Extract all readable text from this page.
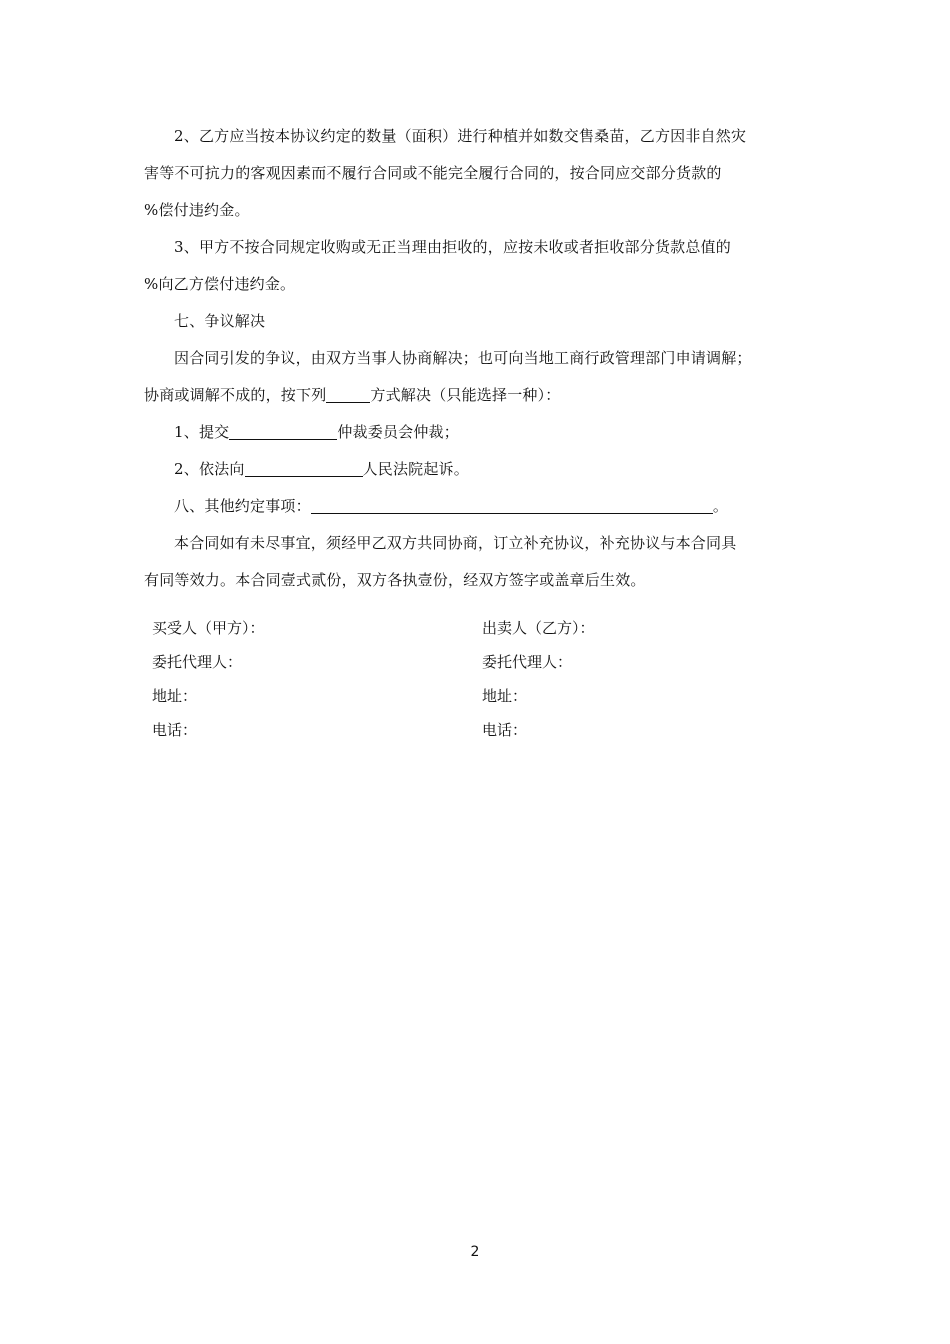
2、乙方应当按本协议约定的数量（面积）进行种植并如数交售桑苗，乙方因非自然灾

害等不可抗力的客观因素而不履行合同或不能完全履行合同的，按合同应交部分货款的

%偿付违约金。

3、甲方不按合同规定收购或无正当理由拒收的，应按未收或者拒收部分货款总值的

%向乙方偿付违约金。

七、争议解决

因合同引发的争议，由双方当事人协商解决；也可向当地工商行政管理部门申请调解；

协商或调解不成的，按下列	方式解决（只能选择一种）：

1、提交	仲裁委员会仲裁；

2、依法向	人民法院起诉。

八、其他约定事项：	。

本合同如有未尽事宜，须经甲乙双方共同协商，订立补充协议，补充协议与本合同具

有同等效力。本合同壹式贰份，双方各执壹份，经双方签字或盖章后生效。

买受人（甲方）：	出卖人（乙方）：
委托代理人：	委托代理人：
地址：	地址：
电话：	电话：
2
